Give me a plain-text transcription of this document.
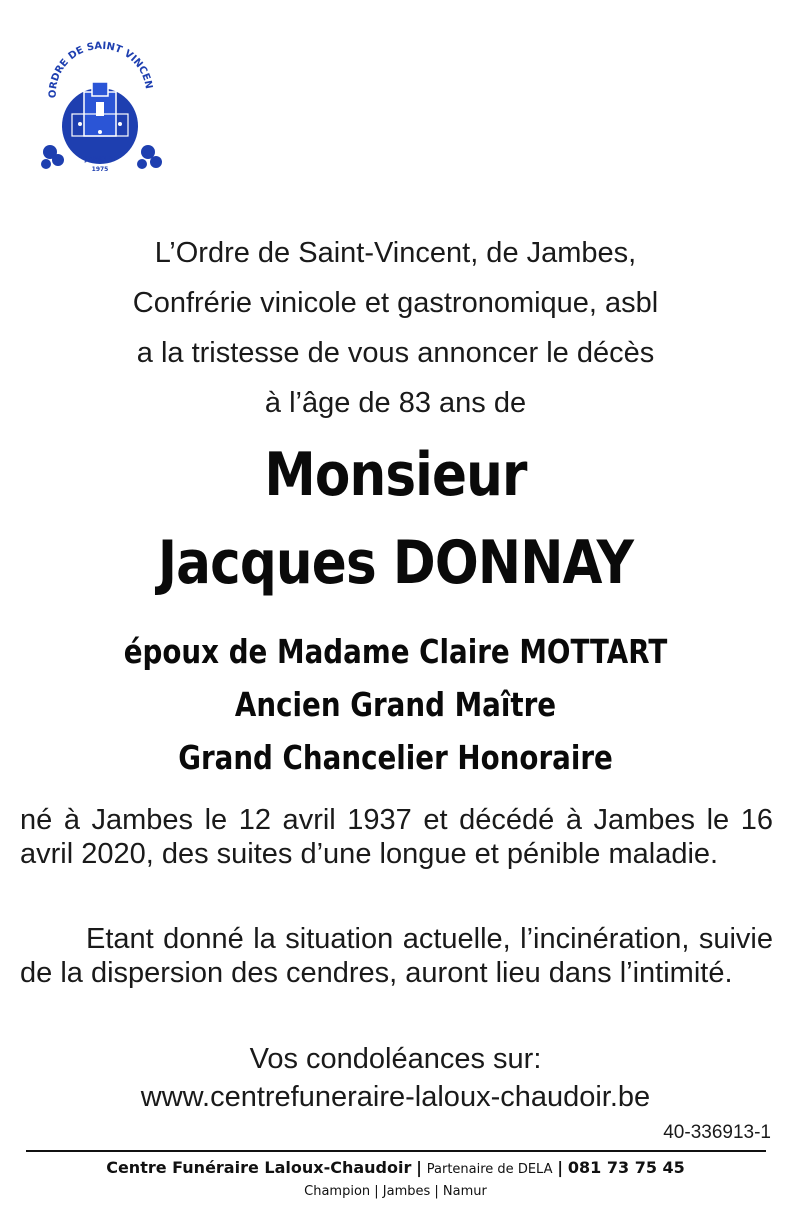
ORDRE DE SAINT VINCEN
JAMBES
1975
L’Ordre de Saint-Vincent, de Jambes,
Confrérie vinicole et gastronomique, asbl
a la tristesse de vous annoncer le décès
à l’âge de 83 ans de
Monsieur
Jacques DONNAY
époux de Madame Claire MOTTART
Ancien Grand Maître
Grand Chancelier Honoraire

né à Jambes le 12 avril 1937 et décédé à Jambes le 16 avril 2020, des suites d’une longue et pénible maladie.

Etant donné la situation actuelle, l’incinération, suivie de la dispersion des cendres, auront lieu dans l’intimité.

Vos condoléances sur:
www.centrefuneraire-laloux-chaudoir.be
40-336913-1
Centre Funéraire Laloux-Chaudoir | Partenaire de DELA | 081 73 75 45
Champion | Jambes | Namur
